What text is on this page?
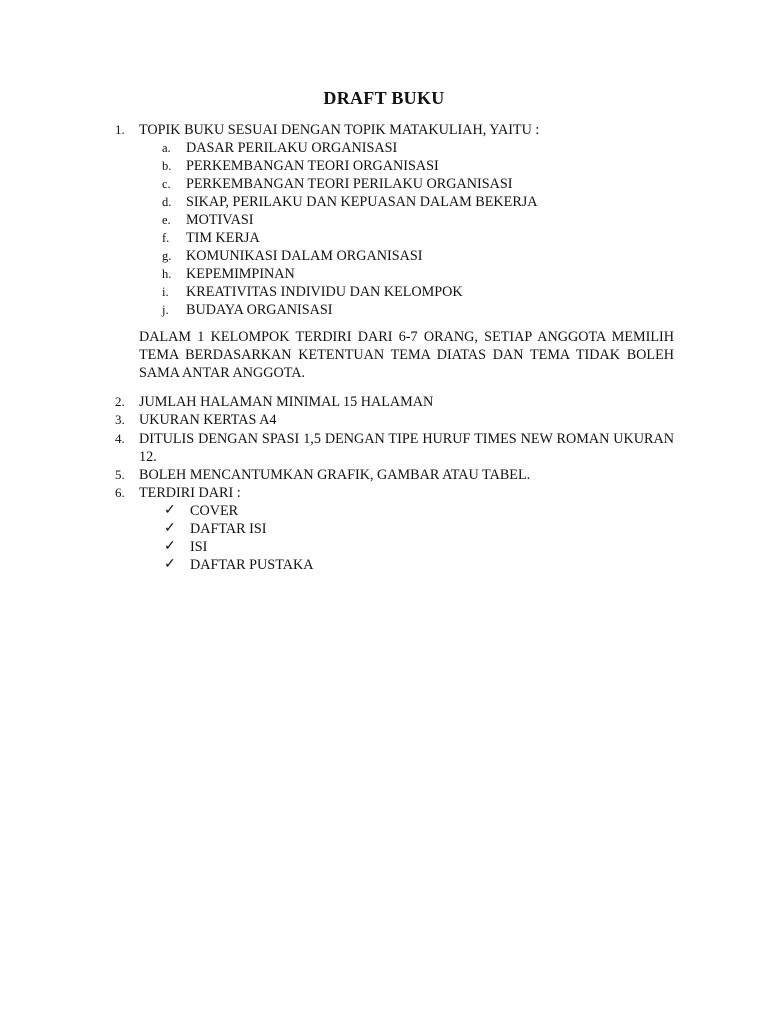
DRAFT BUKU
1.	TOPIK BUKU SESUAI DENGAN TOPIK MATAKULIAH, YAITU :
a. DASAR PERILAKU ORGANISASI
b. PERKEMBANGAN TEORI ORGANISASI
c. PERKEMBANGAN TEORI PERILAKU ORGANISASI
d. SIKAP, PERILAKU DAN KEPUASAN DALAM BEKERJA
e. MOTIVASI
f. TIM KERJA
g. KOMUNIKASI DALAM ORGANISASI
h. KEPEMIMPINAN
i. KREATIVITAS INDIVIDU DAN KELOMPOK
j. BUDAYA ORGANISASI
DALAM 1 KELOMPOK TERDIRI DARI 6-7 ORANG, SETIAP ANGGOTA MEMILIH TEMA BERDASARKAN KETENTUAN TEMA DIATAS DAN TEMA TIDAK BOLEH SAMA ANTAR ANGGOTA.
2.	JUMLAH HALAMAN MINIMAL 15 HALAMAN
3.	UKURAN KERTAS A4
4.	DITULIS DENGAN SPASI 1,5 DENGAN TIPE HURUF TIMES NEW ROMAN UKURAN 12.
5.	BOLEH MENCANTUMKAN GRAFIK, GAMBAR ATAU TABEL.
6.	TERDIRI DARI :
✓ COVER
✓ DAFTAR ISI
✓ ISI
✓ DAFTAR PUSTAKA
